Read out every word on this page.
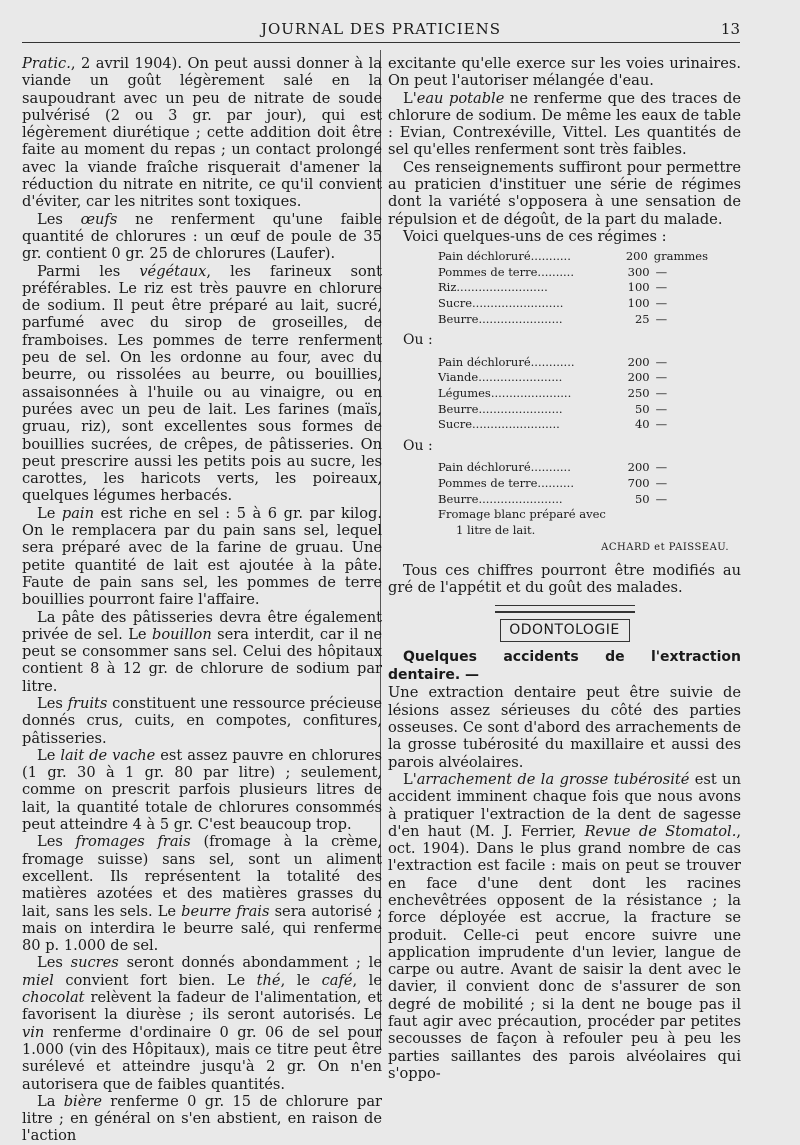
JOURNAL DES PRATICIENS	13

Pratic., 2 avril 1904). On peut aussi donner à la viande un goût légèrement salé en la saupoudrant avec un peu de nitrate de soude pulvérisé (2 ou 3 gr. par jour), qui est légèrement diurétique ; cette addition doit être faite au moment du repas ; un contact prolongé avec la viande fraîche risquerait d'amener la réduction du nitrate en nitrite, ce qu'il convient d'éviter, car les nitrites sont toxiques.

Les œufs ne renferment qu'une faible quantité de chlorures : un œuf de poule de 35 gr. contient 0 gr. 25 de chlorures (Laufer).

Parmi les végétaux, les farineux sont préférables. Le riz est très pauvre en chlorure de sodium. Il peut être préparé au lait, sucré, parfumé avec du sirop de groseilles, de framboises. Les pommes de terre renferment peu de sel. On les ordonne au four, avec du beurre, ou rissolées au beurre, ou bouillies, assaisonnées à l'huile ou au vinaigre, ou en purées avec un peu de lait. Les farines (maïs, gruau, riz), sont excellentes sous formes de bouillies sucrées, de crêpes, de pâtisseries. On peut prescrire aussi les petits pois au sucre, les carottes, les haricots verts, les poireaux, quelques légumes herbacés.

Le pain est riche en sel : 5 à 6 gr. par kilog. On le remplacera par du pain sans sel, lequel sera préparé avec de la farine de gruau. Une petite quantité de lait est ajoutée à la pâte. Faute de pain sans sel, les pommes de terre bouillies pourront faire l'affaire.

La pâte des pâtisseries devra être également privée de sel. Le bouillon sera interdit, car il ne peut se consommer sans sel. Celui des hôpitaux contient 8 à 12 gr. de chlorure de sodium par litre.

Les fruits constituent une ressource précieuse donnés crus, cuits, en compotes, confitures, pâtisseries.

Le lait de vache est assez pauvre en chlorures (1 gr. 30 à 1 gr. 80 par litre) ; seulement, comme on prescrit parfois plusieurs litres de lait, la quantité totale de chlorures consommés peut atteindre 4 à 5 gr. C'est beaucoup trop.

Les fromages frais (fromage à la crème, fromage suisse) sans sel, sont un aliment excellent. Ils représentent la totalité des matières azotées et des matières grasses du lait, sans les sels. Le beurre frais sera autorisé ; mais on interdira le beurre salé, qui renferme 80 p. 1.000 de sel.

Les sucres seront donnés abondamment ; le miel convient fort bien. Le thé, le café, le chocolat relèvent la fadeur de l'alimentation, et favorisent la diurèse ; ils seront autorisés. Le vin renferme d'ordinaire 0 gr. 06 de sel pour 1.000 (vin des Hôpitaux), mais ce titre peut être surélevé et atteindre jusqu'à 2 gr. On n'en autorisera que de faibles quantités.

La bière renferme 0 gr. 15 de chlorure par litre ; en général on s'en abstient, en raison de l'action

excitante qu'elle exerce sur les voies urinaires. On peut l'autoriser mélangée d'eau.

L'eau potable ne renferme que des traces de chlorure de sodium. De même les eaux de table : Evian, Contrexéville, Vittel. Les quantités de sel qu'elles renferment sont très faibles.

Ces renseignements suffiront pour permettre au praticien d'instituer une série de régimes dont la variété s'opposera à une sensation de répulsion et de dégoût, de la part du malade.

Voici quelques-uns de ces régimes :

Pain déchloruré...........	200 grammes
Pommes de terre..........	300 —
Riz.........................	100 —
Sucre.........................	100 —
Beurre.......................	25 —
Ou :
Pain déchloruré............	200 —
Viande.......................	200 —
Légumes......................	250 —
Beurre.......................	50 —
Sucre........................	40 —
Ou :
Pain déchloruré...........	200 —
Pommes de terre..........	700 —
Beurre.......................	50 —
Fromage blanc préparé avec
1 litre de lait.
ACHARD et PAISSEAU.

Tous ces chiffres pourront être modifiés au gré de l'appétit et du goût des malades.

ODONTOLOGIE

Quelques accidents de l'extraction dentaire. —

Une extraction dentaire peut être suivie de lésions assez sérieuses du côté des parties osseuses. Ce sont d'abord des arrachements de la grosse tubérosité du maxillaire et aussi des parois alvéolaires.

L'arrachement de la grosse tubérosité est un accident imminent chaque fois que nous avons à pratiquer l'extraction de la dent de sagesse d'en haut (M. J. Ferrier, Revue de Stomatol., oct. 1904). Dans le plus grand nombre de cas l'extraction est facile : mais on peut se trouver en face d'une dent dont les racines enchevêtrées opposent de la résistance ; la force déployée est accrue, la fracture se produit. Celle-ci peut encore suivre une application imprudente d'un levier, langue de carpe ou autre. Avant de saisir la dent avec le davier, il convient donc de s'assurer de son degré de mobilité ; si la dent ne bouge pas il faut agir avec précaution, procéder par petites secousses de façon à refouler peu à peu les parties saillantes des parois alvéolaires qui s'oppo-
